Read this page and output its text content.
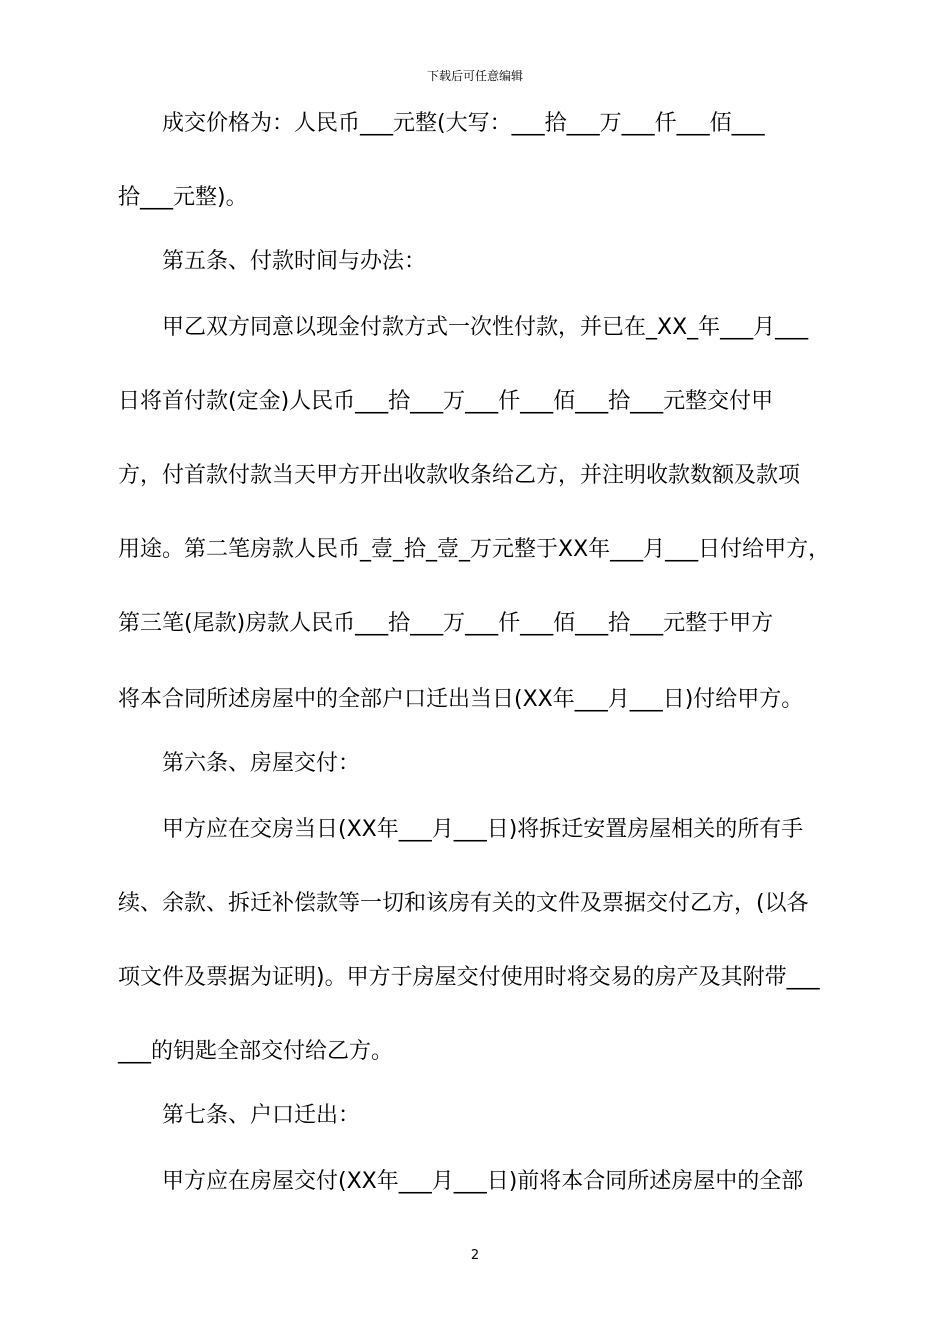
下载后可任意编辑
成交价格为：人民币___元整(大写：___拾___万___仟___佰___
拾___元整)。
第五条、付款时间与办法：
甲乙双方同意以现金付款方式一次性付款，并已在_XX_年___月___
日将首付款(定金)人民币___拾___万___仟___佰___拾___元整交付甲
方，付首款付款当天甲方开出收款收条给乙方，并注明收款数额及款项
用途。第二笔房款人民币_壹_拾_壹_万元整于XX年___月___日付给甲方，
第三笔(尾款)房款人民币___拾___万___仟___佰___拾___元整于甲方
将本合同所述房屋中的全部户口迁出当日(XX年___月___日)付给甲方。
第六条、房屋交付：
甲方应在交房当日(XX年___月___日)将拆迁安置房屋相关的所有手
续、余款、拆迁补偿款等一切和该房有关的文件及票据交付乙方，(以各
项文件及票据为证明)。甲方于房屋交付使用时将交易的房产及其附带___
___的钥匙全部交付给乙方。
第七条、户口迁出：
甲方应在房屋交付(XX年___月___日)前将本合同所述房屋中的全部
2
